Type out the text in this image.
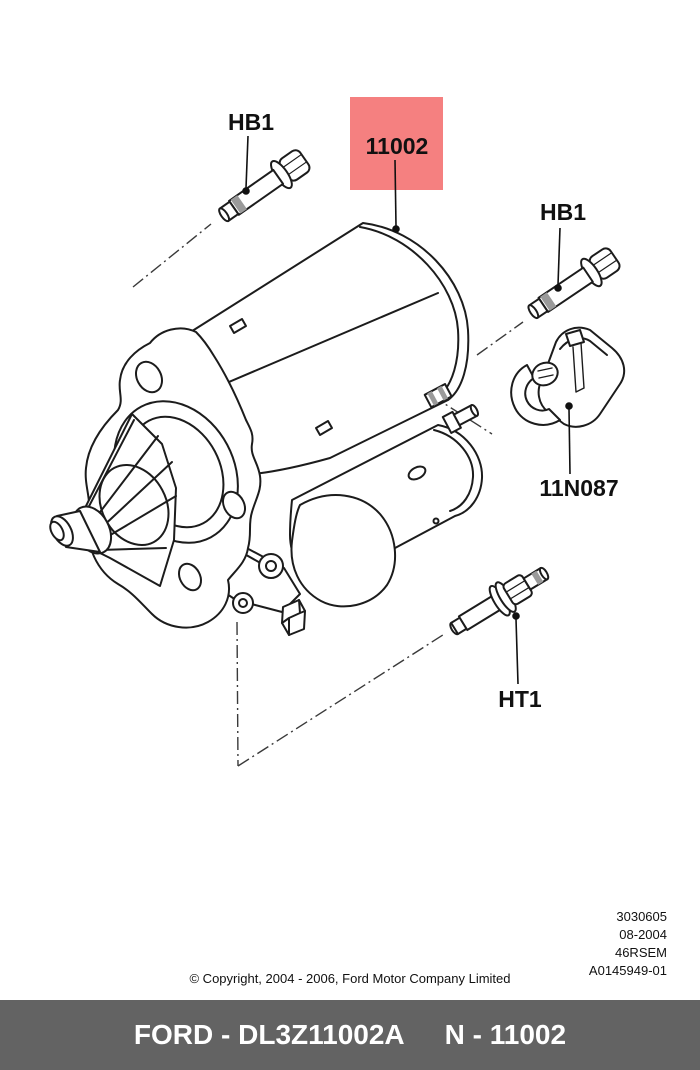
HB1
11002
HB1
11N087
HT1
3030605
08-2004
46RSEM
A0145949-01
© Copyright, 2004 - 2006, Ford Motor Company Limited
FORD - DL3Z11002A N - 11002
